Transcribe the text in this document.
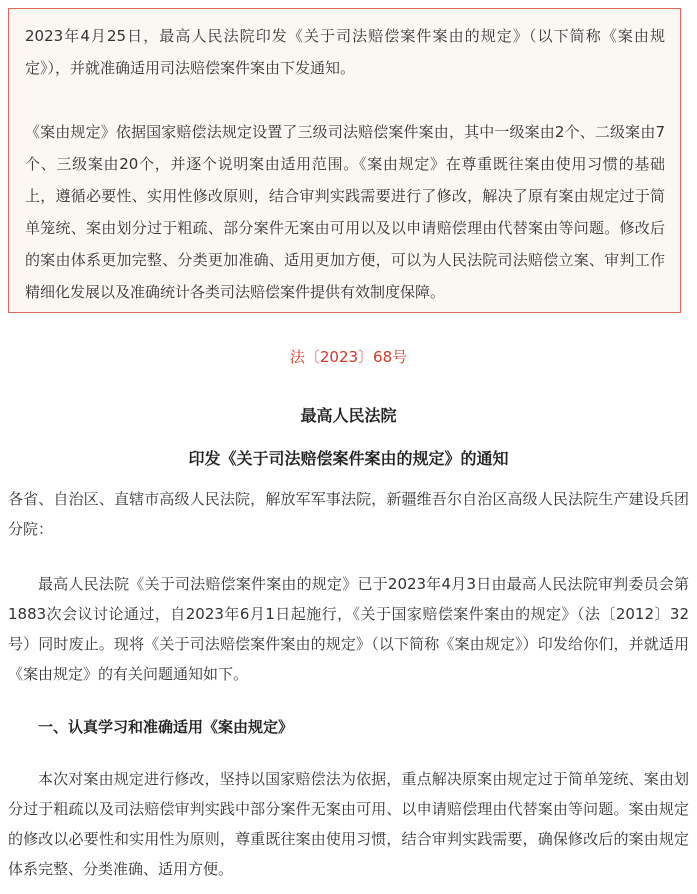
2023年4月25日，最高人民法院印发《关于司法赔偿案件案由的规定》（以下简称《案由规定》），并就准确适用司法赔偿案件案由下发通知。

《案由规定》依据国家赔偿法规定设置了三级司法赔偿案件案由，其中一级案由2个、二级案由7个、三级案由20个，并逐个说明案由适用范围。《案由规定》在尊重既往案由使用习惯的基础上，遵循必要性、实用性修改原则，结合审判实践需要进行了修改，解决了原有案由规定过于简单笼统、案由划分过于粗疏、部分案件无案由可用以及以申请赔偿理由代替案由等问题。修改后的案由体系更加完整、分类更加准确、适用更加方便，可以为人民法院司法赔偿立案、审判工作精细化发展以及准确统计各类司法赔偿案件提供有效制度保障。

法〔2023〕68号
最高人民法院
印发《关于司法赔偿案件案由的规定》的通知

各省、自治区、直辖市高级人民法院，解放军军事法院，新疆维吾尔自治区高级人民法院生产建设兵团分院：

最高人民法院《关于司法赔偿案件案由的规定》已于2023年4月3日由最高人民法院审判委员会第1883次会议讨论通过，自2023年6月1日起施行，《关于国家赔偿案件案由的规定》（法〔2012〕32号）同时废止。现将《关于司法赔偿案件案由的规定》（以下简称《案由规定》）印发给你们，并就适用《案由规定》的有关问题通知如下。

一、认真学习和准确适用《案由规定》

本次对案由规定进行修改，坚持以国家赔偿法为依据，重点解决原案由规定过于简单笼统、案由划分过于粗疏以及司法赔偿审判实践中部分案件无案由可用、以申请赔偿理由代替案由等问题。案由规定的修改以必要性和实用性为原则，尊重既往案由使用习惯，结合审判实践需要，确保修改后的案由规定体系完整、分类准确、适用方便。
